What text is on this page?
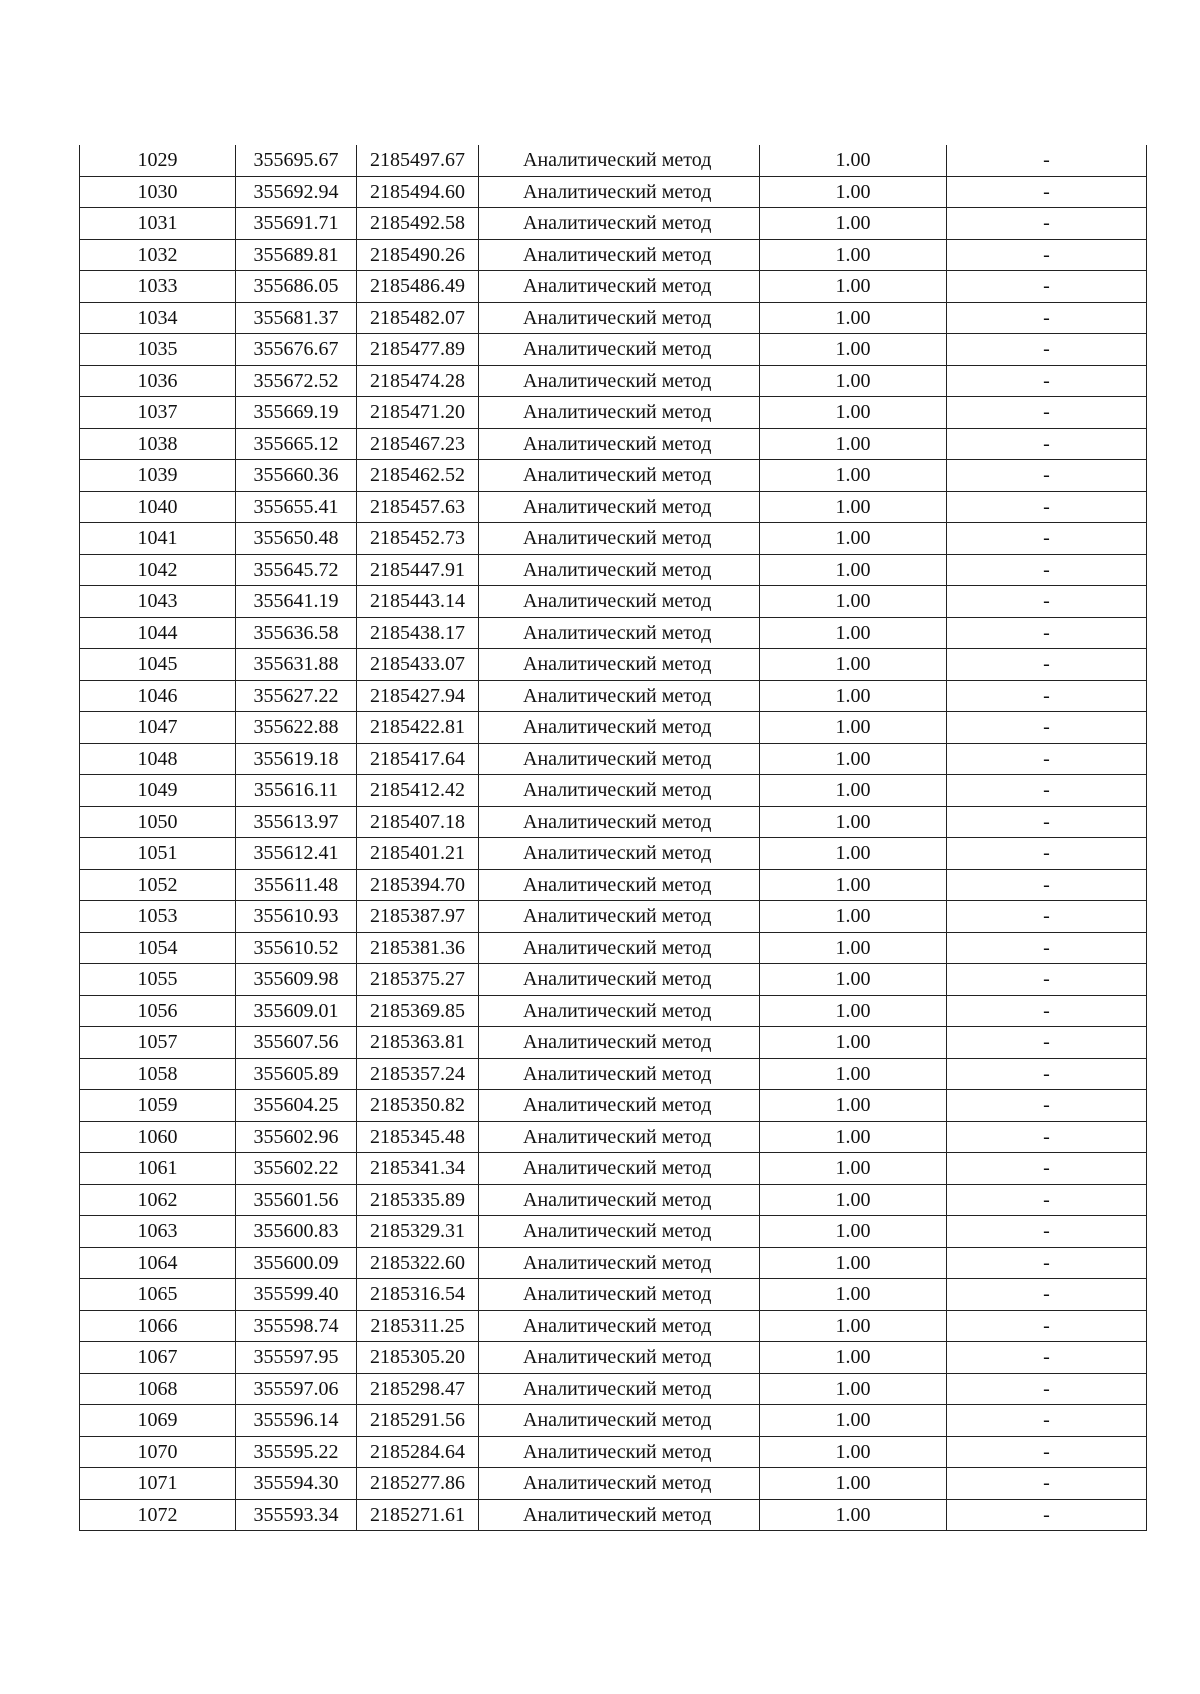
1029	355695.67	2185497.67	Аналитический метод	1.00	-
1030	355692.94	2185494.60	Аналитический метод	1.00	-
1031	355691.71	2185492.58	Аналитический метод	1.00	-
1032	355689.81	2185490.26	Аналитический метод	1.00	-
1033	355686.05	2185486.49	Аналитический метод	1.00	-
1034	355681.37	2185482.07	Аналитический метод	1.00	-
1035	355676.67	2185477.89	Аналитический метод	1.00	-
1036	355672.52	2185474.28	Аналитический метод	1.00	-
1037	355669.19	2185471.20	Аналитический метод	1.00	-
1038	355665.12	2185467.23	Аналитический метод	1.00	-
1039	355660.36	2185462.52	Аналитический метод	1.00	-
1040	355655.41	2185457.63	Аналитический метод	1.00	-
1041	355650.48	2185452.73	Аналитический метод	1.00	-
1042	355645.72	2185447.91	Аналитический метод	1.00	-
1043	355641.19	2185443.14	Аналитический метод	1.00	-
1044	355636.58	2185438.17	Аналитический метод	1.00	-
1045	355631.88	2185433.07	Аналитический метод	1.00	-
1046	355627.22	2185427.94	Аналитический метод	1.00	-
1047	355622.88	2185422.81	Аналитический метод	1.00	-
1048	355619.18	2185417.64	Аналитический метод	1.00	-
1049	355616.11	2185412.42	Аналитический метод	1.00	-
1050	355613.97	2185407.18	Аналитический метод	1.00	-
1051	355612.41	2185401.21	Аналитический метод	1.00	-
1052	355611.48	2185394.70	Аналитический метод	1.00	-
1053	355610.93	2185387.97	Аналитический метод	1.00	-
1054	355610.52	2185381.36	Аналитический метод	1.00	-
1055	355609.98	2185375.27	Аналитический метод	1.00	-
1056	355609.01	2185369.85	Аналитический метод	1.00	-
1057	355607.56	2185363.81	Аналитический метод	1.00	-
1058	355605.89	2185357.24	Аналитический метод	1.00	-
1059	355604.25	2185350.82	Аналитический метод	1.00	-
1060	355602.96	2185345.48	Аналитический метод	1.00	-
1061	355602.22	2185341.34	Аналитический метод	1.00	-
1062	355601.56	2185335.89	Аналитический метод	1.00	-
1063	355600.83	2185329.31	Аналитический метод	1.00	-
1064	355600.09	2185322.60	Аналитический метод	1.00	-
1065	355599.40	2185316.54	Аналитический метод	1.00	-
1066	355598.74	2185311.25	Аналитический метод	1.00	-
1067	355597.95	2185305.20	Аналитический метод	1.00	-
1068	355597.06	2185298.47	Аналитический метод	1.00	-
1069	355596.14	2185291.56	Аналитический метод	1.00	-
1070	355595.22	2185284.64	Аналитический метод	1.00	-
1071	355594.30	2185277.86	Аналитический метод	1.00	-
1072	355593.34	2185271.61	Аналитический метод	1.00	-
